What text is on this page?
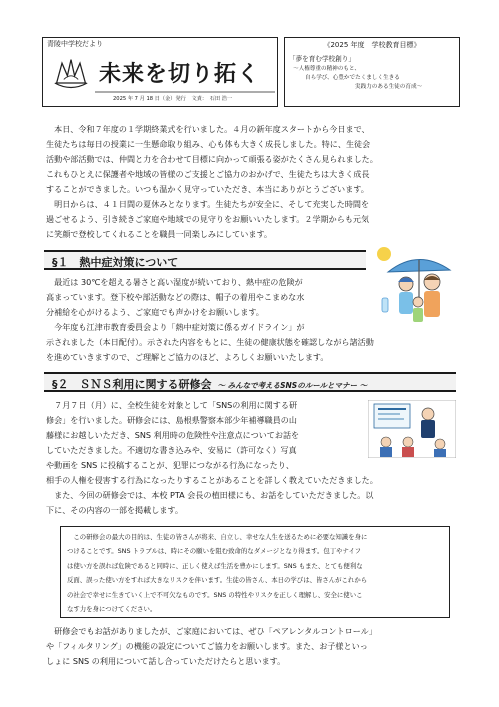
青陵中学校だより
未来を切り拓く
2025 年 7 月 18 日（金）発行 文責：　石田 浩一
《2025 年度　学校教育目標》
「夢を育む学校創り」
～人権尊重の精神のもと、
自ら学び、心豊かでたくましく生きる
実践力のある生徒の育成～
　本日、令和７年度の１学期終業式を行いました。４月の新年度スタートから今日まで、
生徒たちは毎日の授業に一生懸命取り組み、心も体も大きく成長しました。特に、生徒会
活動や部活動では、仲間と力を合わせて目標に向かって頑張る姿がたくさん見られました。
これもひとえに保護者や地域の皆様のご支援とご協力のおかげで、生徒たちは大きく成長
することができました。いつも温かく見守っていただき、本当にありがとうございます。
　明日からは、４１日間の夏休みとなります。生徒たちが安全に、そして充実した時間を
過ごせるよう、引き続きご家庭や地域での見守りをお願いいたします。２学期からも元気
に笑顔で登校してくれることを職員一同楽しみにしています。
§１　熱中症対策について
　最近は 30℃を超える暑さと高い湿度が続いており、熱中症の危険が
高まっています。登下校や部活動などの際は、帽子の着用やこまめな水
分補給を心がけるよう、ご家庭でも声かけをお願いします。
　今年度も江津市教育委員会より「熱中症対策に係るガイドライン」が
示されました（本日配付）。示された内容をもとに、生徒の健康状態を確認しながら諸活動
を進めていきますので、ご理解とご協力のほど、よろしくお願いいたします。
§２　ＳＮＳ利用に関する研修会 ～ みんなで考えるSNSのルールとマナー ～
　７月７日（月）に、全校生徒を対象として「SNSの利用に関する研
修会」を行いました。研修会には、島根県警察本部少年補導職員の山
藤様にお越しいただき、SNS 利用時の危険性や注意点についてお話を
していただきました。不適切な書き込みや、安易に（許可なく）写真
や動画を SNS に投稿することが、犯罪につながる行為になったり、
相手の人権を侵害する行為になったりすることがあることを詳しく教えていただきました。
　また、今回の研修会では、本校 PTA 会長の植田様にも、お話をしていただきました。以
下に、その内容の一部を掲載します。
　この研修会の最大の目的は、生徒の皆さんが将来、自立し、幸せな人生を送るために必要な知識を身に
つけることです。SNS トラブルは、時にその願いを阻む致命的なダメージとなり得ます。包丁やナイフ
は使い方を誤れば危険であると同時に、正しく使えば生活を豊かにします。SNS もまた、とても便利な
反面、誤った使い方をすれば大きなリスクを伴います。生徒の皆さん、本日の学びは、皆さんがこれから
の社会で幸せに生きていく上で不可欠なものです。SNS の特性やリスクを正しく理解し、安全に使いこ
なす力を身につけてください。
　研修会でもお話がありましたが、ご家庭においては、ぜひ「ペアレンタルコントロール」
や「フィルタリング」の機能の設定についてご協力をお願いします。また、お子様といっ
しょに SNS の利用について話し合っていただけたらと思います。
